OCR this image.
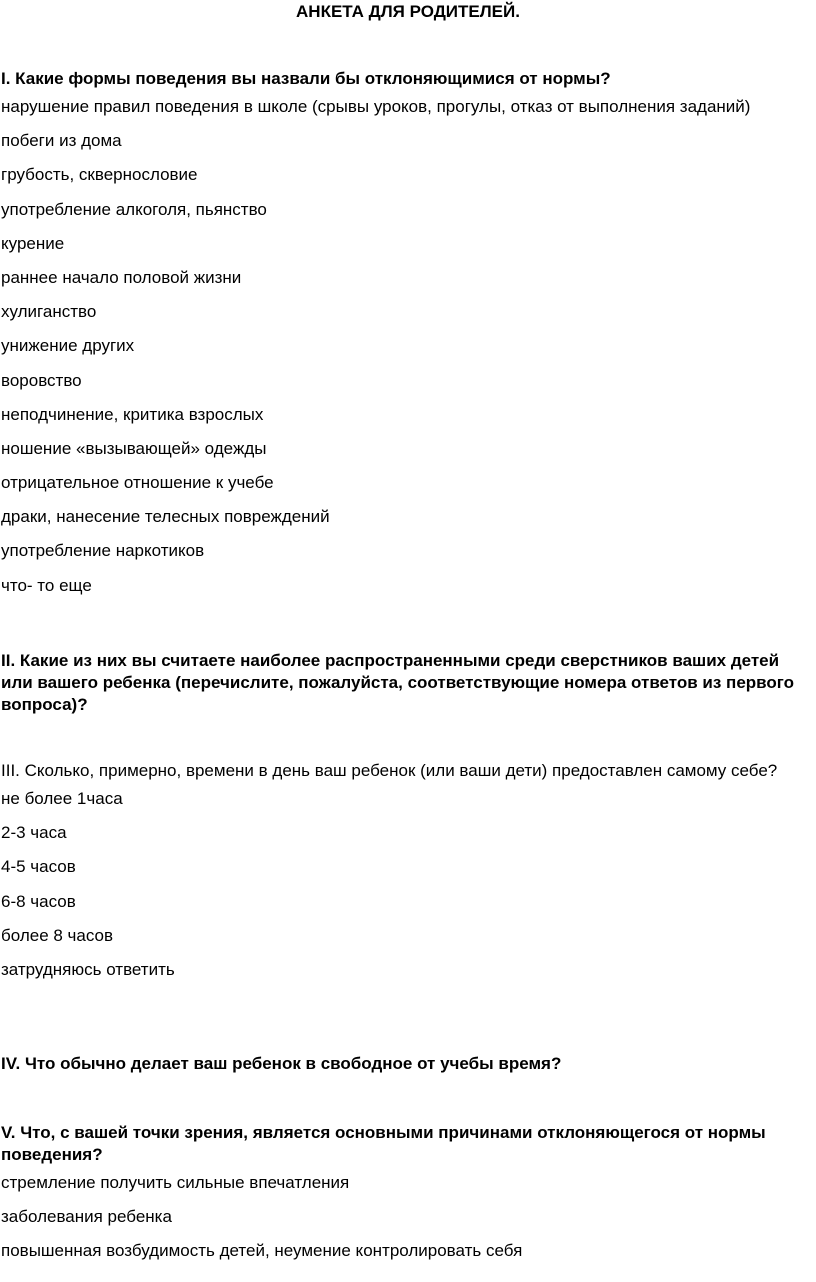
АНКЕТА ДЛЯ РОДИТЕЛЕЙ.

I. Какие формы поведения вы назвали бы отклоняющимися от нормы?

нарушение правил поведения в школе (срывы уроков, прогулы, отказ от выполнения заданий)

побеги из дома

грубость, сквернословие

употребление алкоголя, пьянство

курение

раннее начало половой жизни

хулиганство

унижение других

воровство

неподчинение, критика взрослых

ношение «вызывающей» одежды

отрицательное отношение к учебе

драки, нанесение телесных повреждений

употребление наркотиков

что- то еще

II. Какие из них вы считаете наиболее распространенными среди сверстников ваших детей или вашего ребенка (перечислите, пожалуйста, соответствующие номера ответов из первого вопроса)?

III. Сколько, примерно, времени в день ваш ребенок (или ваши дети) предоставлен самому себе?

не более 1часа

2-3 часа

4-5 часов

6-8 часов

более 8 часов

затрудняюсь ответить

IV. Что обычно делает ваш ребенок в свободное от учебы время?

V. Что, с вашей точки зрения, является основными причинами отклоняющегося от нормы поведения?

стремление получить сильные впечатления

заболевания ребенка

повышенная возбудимость детей, неумение контролировать себя
